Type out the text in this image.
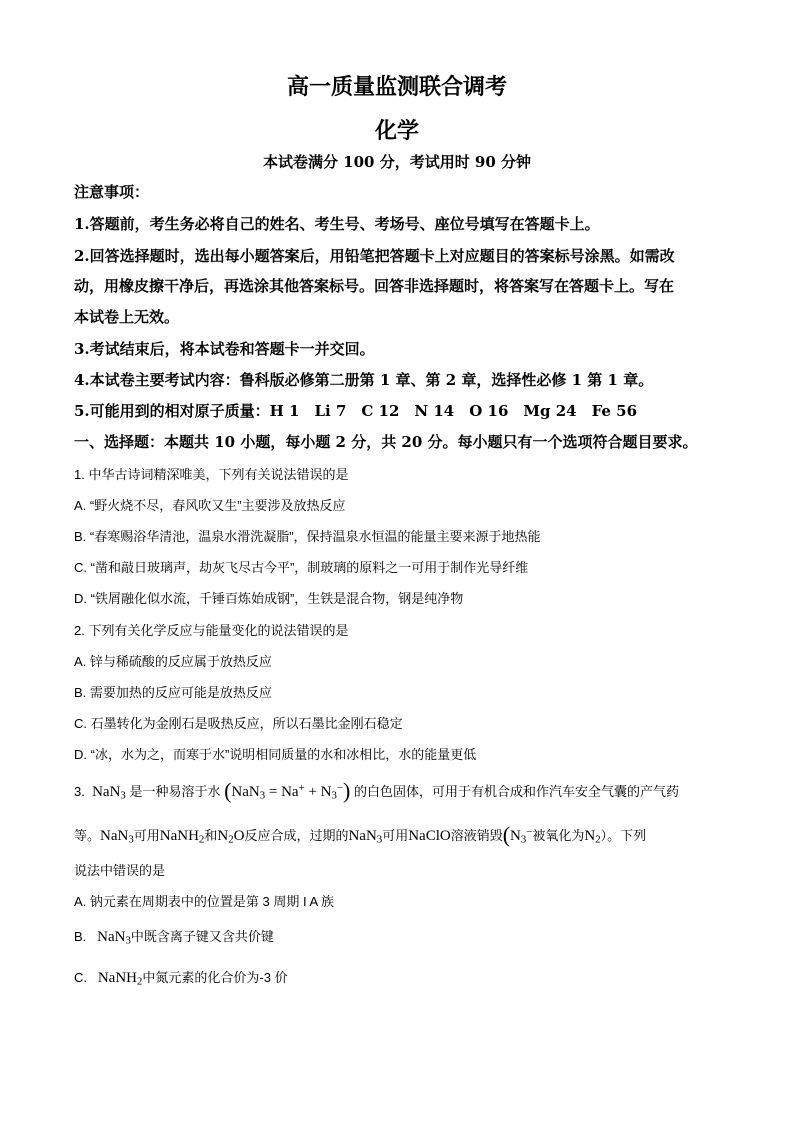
高一质量监测联合调考
化学
本试卷满分 100 分，考试用时 90 分钟
注意事项：
1.答题前，考生务必将自己的姓名、考生号、考场号、座位号填写在答题卡上。
2.回答选择题时，选出每小题答案后，用铅笔把答题卡上对应题目的答案标号涂黑。如需改
动，用橡皮擦干净后，再选涂其他答案标号。回答非选择题时，将答案写在答题卡上。写在
本试卷上无效。
3.考试结束后，将本试卷和答题卡一并交回。
4.本试卷主要考试内容：鲁科版必修第二册第 1 章、第 2 章，选择性必修 1 第 1 章。
5.可能用到的相对原子质量：H 1　Li 7　C 12　N 14　O 16　Mg 24　Fe 56
一、选择题：本题共 10 小题，每小题 2 分，共 20 分。每小题只有一个选项符合题目要求。
1. 中华古诗词精深唯美，下列有关说法错误的是
A. “野火烧不尽，春风吹又生”主要涉及放热反应
B. “春寒赐浴华清池，温泉水滑洗凝脂”，保持温泉水恒温的能量主要来源于地热能
C. “凿和敲日玻璃声，劫灰飞尽古今平”，制玻璃的原料之一可用于制作光导纤维
D. “铁屑融化似水流，千锤百炼始成钢”，生铁是混合物，钢是纯净物
2. 下列有关化学反应与能量变化的说法错误的是
A. 锌与稀硫酸的反应属于放热反应
B. 需要加热的反应可能是放热反应
C. 石墨转化为金刚石是吸热反应，所以石墨比金刚石稳定
D. “冰，水为之，而寒于水”说明相同质量的水和冰相比，水的能量更低
3. NaN$_3$ 是一种易溶于水 $(NaN_3 = Na^+ + N_3^-)$ 的白色固体，可用于有机合成和作汽车安全气囊的产气药
等。NaN$_3$可用NaNH$_2$和$N_2O$反应合成，过期的NaN$_3$可用NaClO溶液销毁($N_3^-$被氧化为$N_2$）。下列
说法中错误的是
A. 钠元素在周期表中的位置是第 3 周期 I A 族
B. NaN$_3$中既含离子键又含共价键
C. NaNH$_2$中氮元素的化合价为-3 价
